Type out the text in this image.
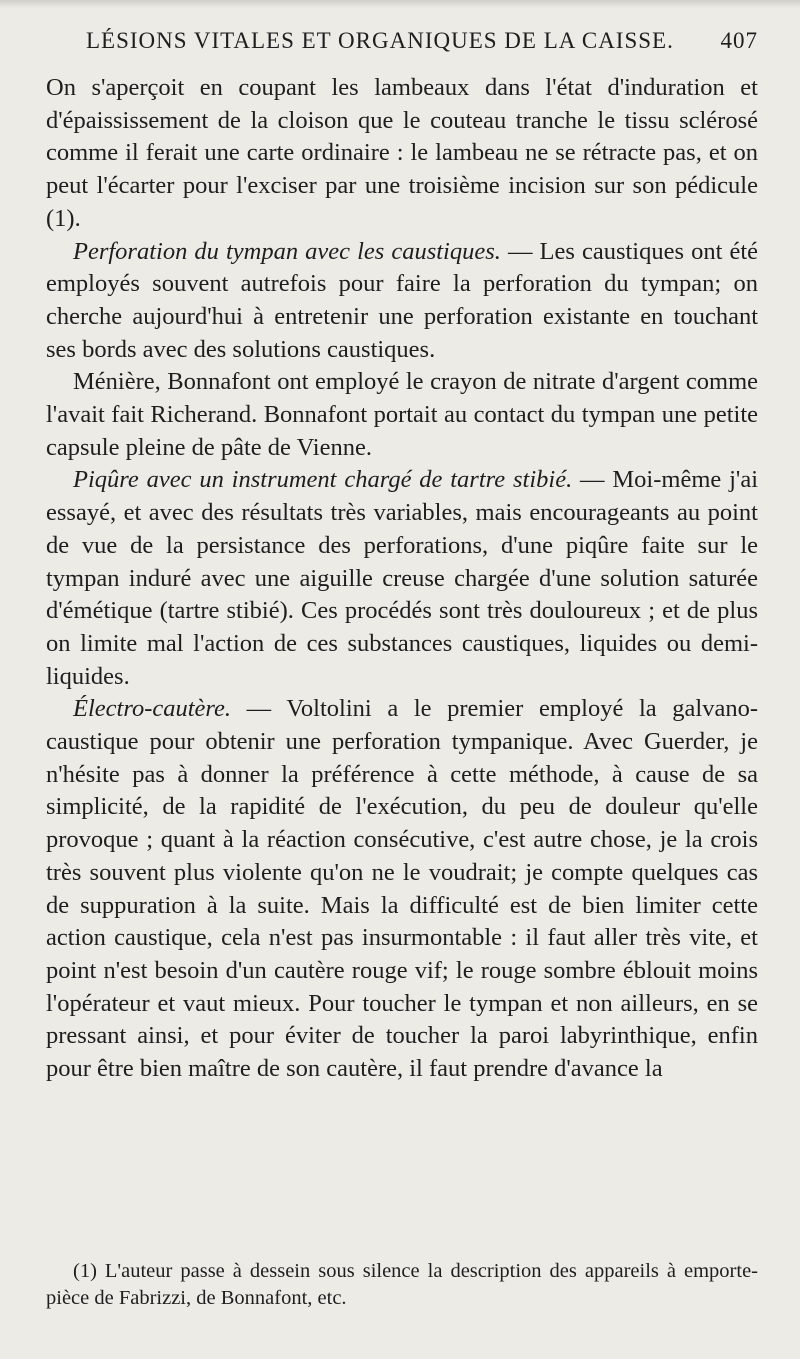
LÉSIONS VITALES ET ORGANIQUES DE LA CAISSE. 407

On s'aperçoit en coupant les lambeaux dans l'état d'induration et d'épaississement de la cloison que le couteau tranche le tissu sclérosé comme il ferait une carte ordinaire : le lambeau ne se rétracte pas, et on peut l'écarter pour l'exciser par une troisième incision sur son pédicule (1).

Perforation du tympan avec les caustiques. — Les caustiques ont été employés souvent autrefois pour faire la perforation du tympan; on cherche aujourd'hui à entretenir une perforation existante en touchant ses bords avec des solutions caustiques.

Ménière, Bonnafont ont employé le crayon de nitrate d'argent comme l'avait fait Richerand. Bonnafont portait au contact du tympan une petite capsule pleine de pâte de Vienne.

Piqûre avec un instrument chargé de tartre stibié. — Moi-même j'ai essayé, et avec des résultats très variables, mais encourageants au point de vue de la persistance des perforations, d'une piqûre faite sur le tympan induré avec une aiguille creuse chargée d'une solution saturée d'émétique (tartre stibié). Ces procédés sont très douloureux ; et de plus on limite mal l'action de ces substances caustiques, liquides ou demi-liquides.

Électro-cautère. — Voltolini a le premier employé la galvano-caustique pour obtenir une perforation tympanique. Avec Guerder, je n'hésite pas à donner la préférence à cette méthode, à cause de sa simplicité, de la rapidité de l'exécution, du peu de douleur qu'elle provoque ; quant à la réaction consécutive, c'est autre chose, je la crois très souvent plus violente qu'on ne le voudrait; je compte quelques cas de suppuration à la suite. Mais la difficulté est de bien limiter cette action caustique, cela n'est pas insurmontable : il faut aller très vite, et point n'est besoin d'un cautère rouge vif; le rouge sombre éblouit moins l'opérateur et vaut mieux. Pour toucher le tympan et non ailleurs, en se pressant ainsi, et pour éviter de toucher la paroi labyrinthique, enfin pour être bien maître de son cautère, il faut prendre d'avance la

(1) L'auteur passe à dessein sous silence la description des appareils à emporte-pièce de Fabrizzi, de Bonnafont, etc.
